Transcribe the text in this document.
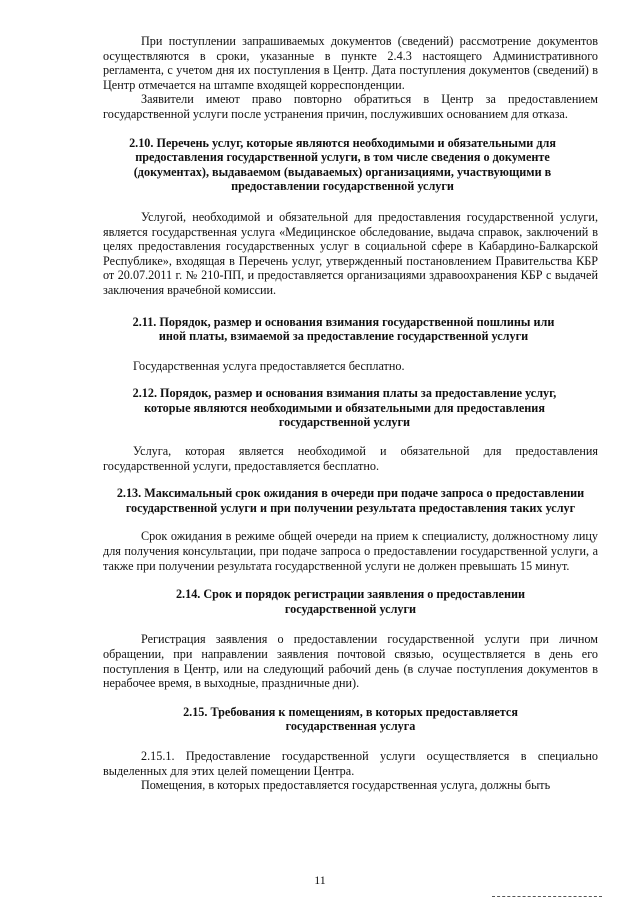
При поступлении запрашиваемых документов (сведений) рассмотрение документов осуществляются в сроки, указанные в пункте 2.4.3 настоящего Административного регламента, с учетом дня их поступления в Центр. Дата поступления документов (сведений) в Центр отмечается на штампе входящей корреспонденции.

Заявители имеют право повторно обратиться в Центр за предоставлением государственной услуги после устранения причин, послуживших основанием для отказа.

2.10. Перечень услуг, которые являются необходимыми и обязательными для предоставления государственной услуги, в том числе сведения о документе (документах), выдаваемом (выдаваемых) организациями, участвующими в предоставлении государственной услуги

Услугой, необходимой и обязательной для предоставления государственной услуги, является государственная услуга «Медицинское обследование, выдача справок, заключений в целях предоставления государственных услуг в социальной сфере в Кабардино-Балкарской Республике», входящая в Перечень услуг, утвержденный постановлением Правительства КБР от 20.07.2011 г. № 210-ПП, и предоставляется организациями здравоохранения КБР с выдачей заключения врачебной комиссии.

2.11. Порядок, размер и основания взимания государственной пошлины или иной платы, взимаемой за предоставление государственной услуги

Государственная услуга предоставляется бесплатно.

2.12. Порядок, размер и основания взимания платы за предоставление услуг, которые являются необходимыми и обязательными для предоставления государственной услуги

Услуга, которая является необходимой и обязательной для предоставления государственной услуги, предоставляется бесплатно.

2.13. Максимальный срок ожидания в очереди при подаче запроса о предоставлении государственной услуги и при получении результата предоставления таких услуг

Срок ожидания в режиме общей очереди на прием к специалисту, должностному лицу для получения консультации, при подаче запроса о предоставлении государственной услуги, а также при получении результата государственной услуги не должен превышать 15 минут.

2.14. Срок и порядок регистрации заявления о предоставлении государственной услуги

Регистрация заявления о предоставлении государственной услуги при личном обращении, при направлении заявления почтовой связью, осуществляется в день его поступления в Центр, или на следующий рабочий день (в случае поступления документов в нерабочее время, в выходные, праздничные дни).

2.15. Требования к помещениям, в которых предоставляется государственная услуга

2.15.1. Предоставление государственной услуги осуществляется в специально выделенных для этих целей помещении Центра.

Помещения, в которых предоставляется государственная услуга, должны быть

11
